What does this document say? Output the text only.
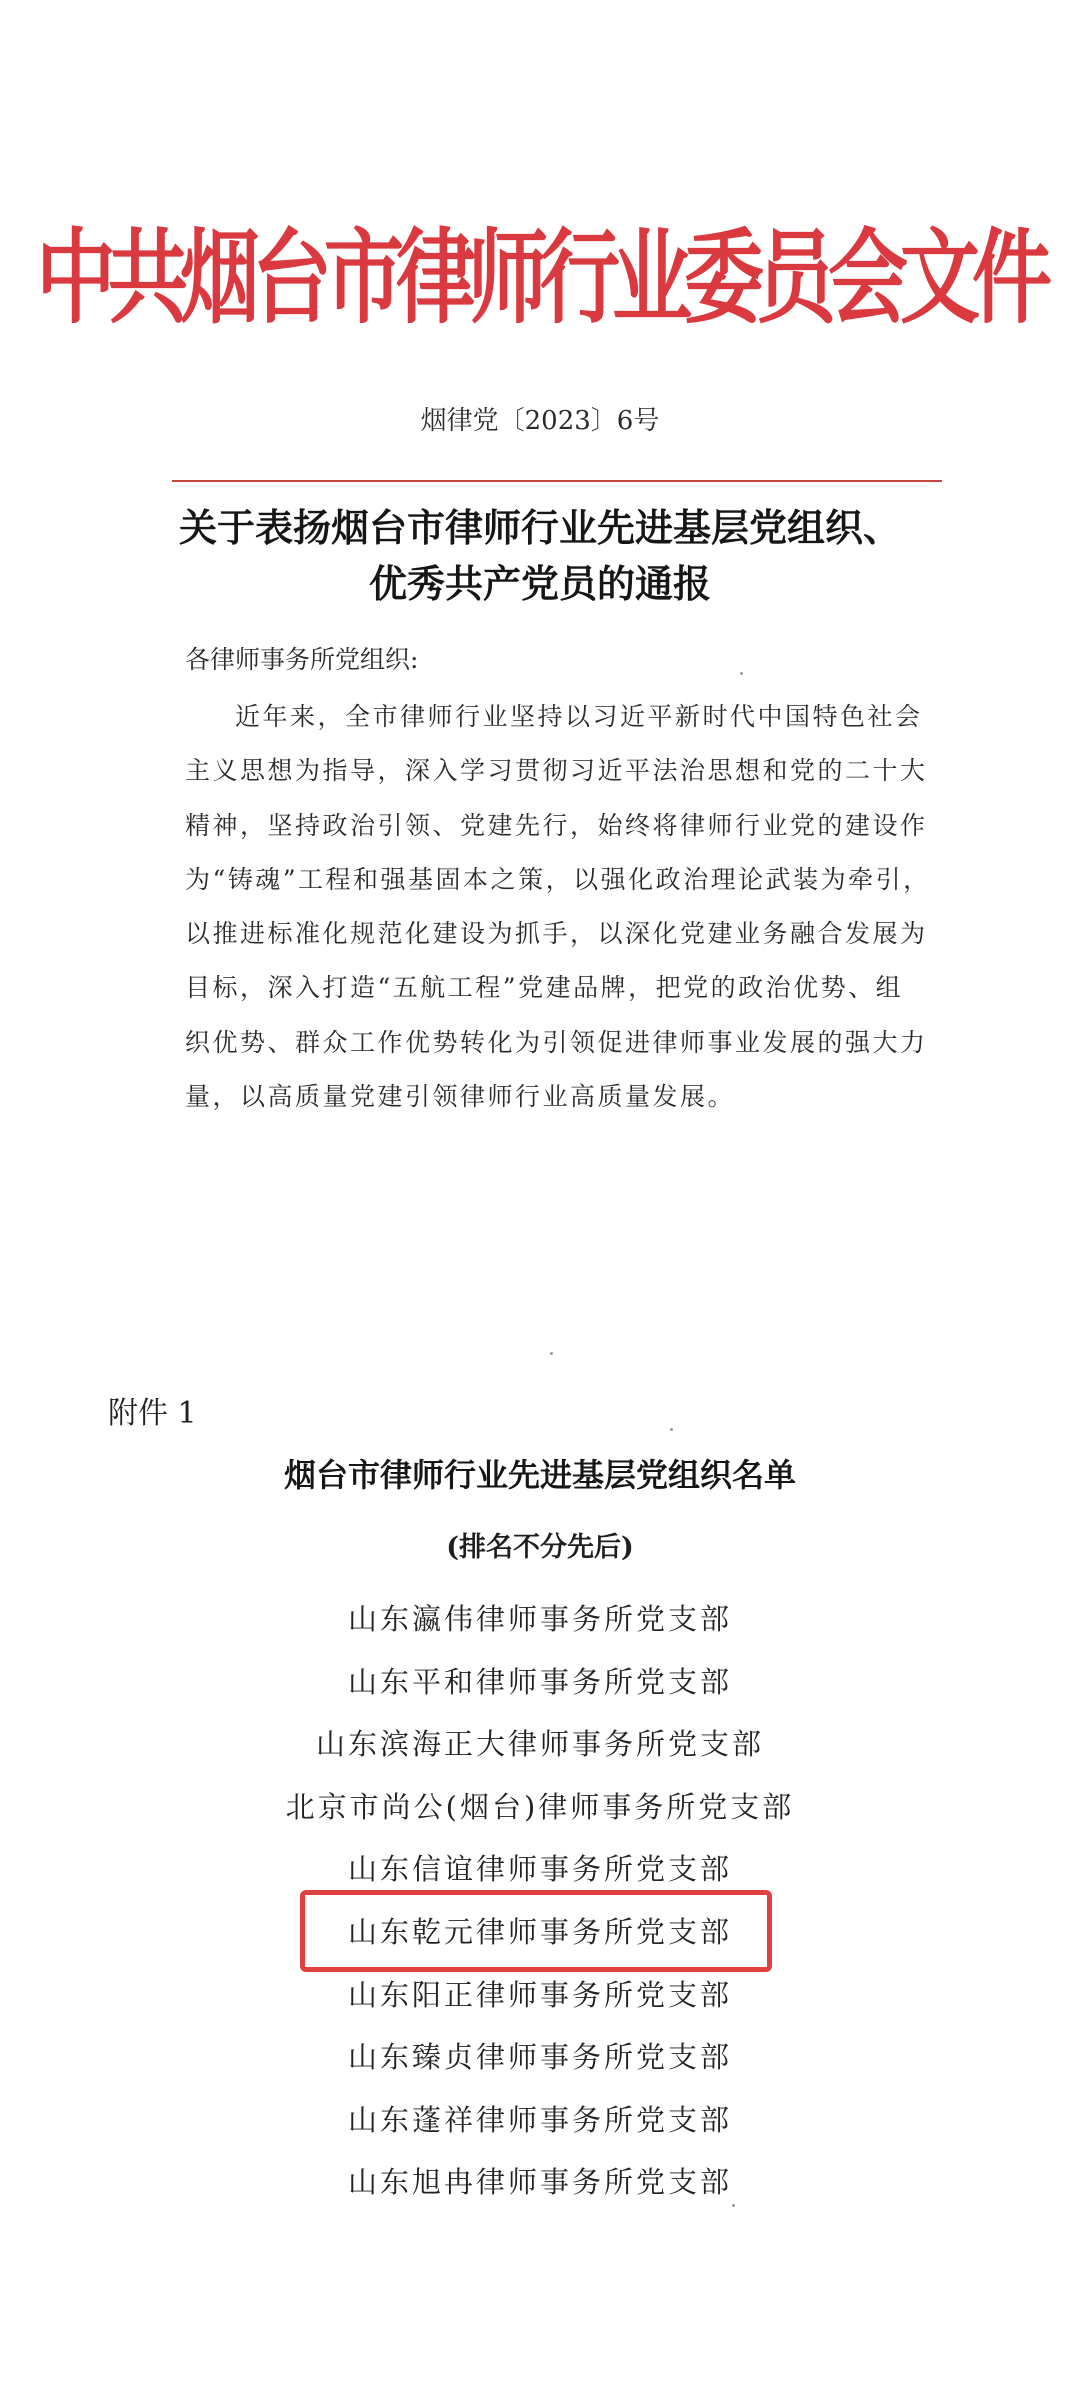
中共烟台市律师行业委员会文件
烟律党〔2023〕6号
关于表扬烟台市律师行业先进基层党组织、
优秀共产党员的通报
各律师事务所党组织:
近年来，全市律师行业坚持以习近平新时代中国特色社会
主义思想为指导，深入学习贯彻习近平法治思想和党的二十大
精神，坚持政治引领、党建先行，始终将律师行业党的建设作
为“铸魂”工程和强基固本之策，以强化政治理论武装为牵引，
以推进标准化规范化建设为抓手，以深化党建业务融合发展为
目标，深入打造“五航工程”党建品牌，把党的政治优势、组
织优势、群众工作优势转化为引领促进律师事业发展的强大力
量，以高质量党建引领律师行业高质量发展。
附件 1
烟台市律师行业先进基层党组织名单
(排名不分先后)
山东瀛伟律师事务所党支部
山东平和律师事务所党支部
山东滨海正大律师事务所党支部
北京市尚公(烟台)律师事务所党支部
山东信谊律师事务所党支部
山东乾元律师事务所党支部
山东阳正律师事务所党支部
山东臻贞律师事务所党支部
山东蓬祥律师事务所党支部
山东旭冉律师事务所党支部
